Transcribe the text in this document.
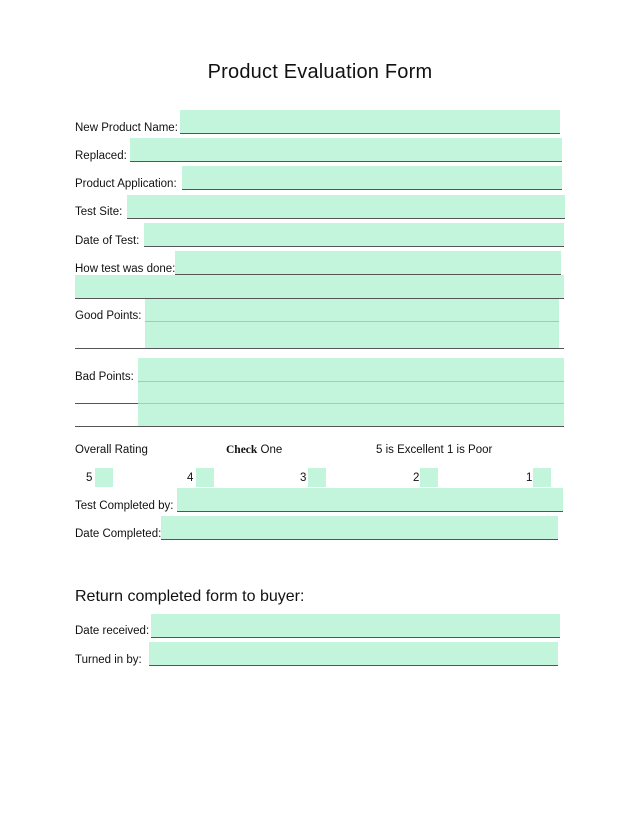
Product Evaluation Form
New Product Name:
Replaced:
Product Application:
Test Site:
Date of Test:
How test was done:
Good Points:
Bad Points:
Overall Rating	Check One	5 is Excellent 1 is Poor
5	4	3	2	1
Test Completed by:
Date Completed:
Return completed form to buyer:
Date received:
Turned in by:
